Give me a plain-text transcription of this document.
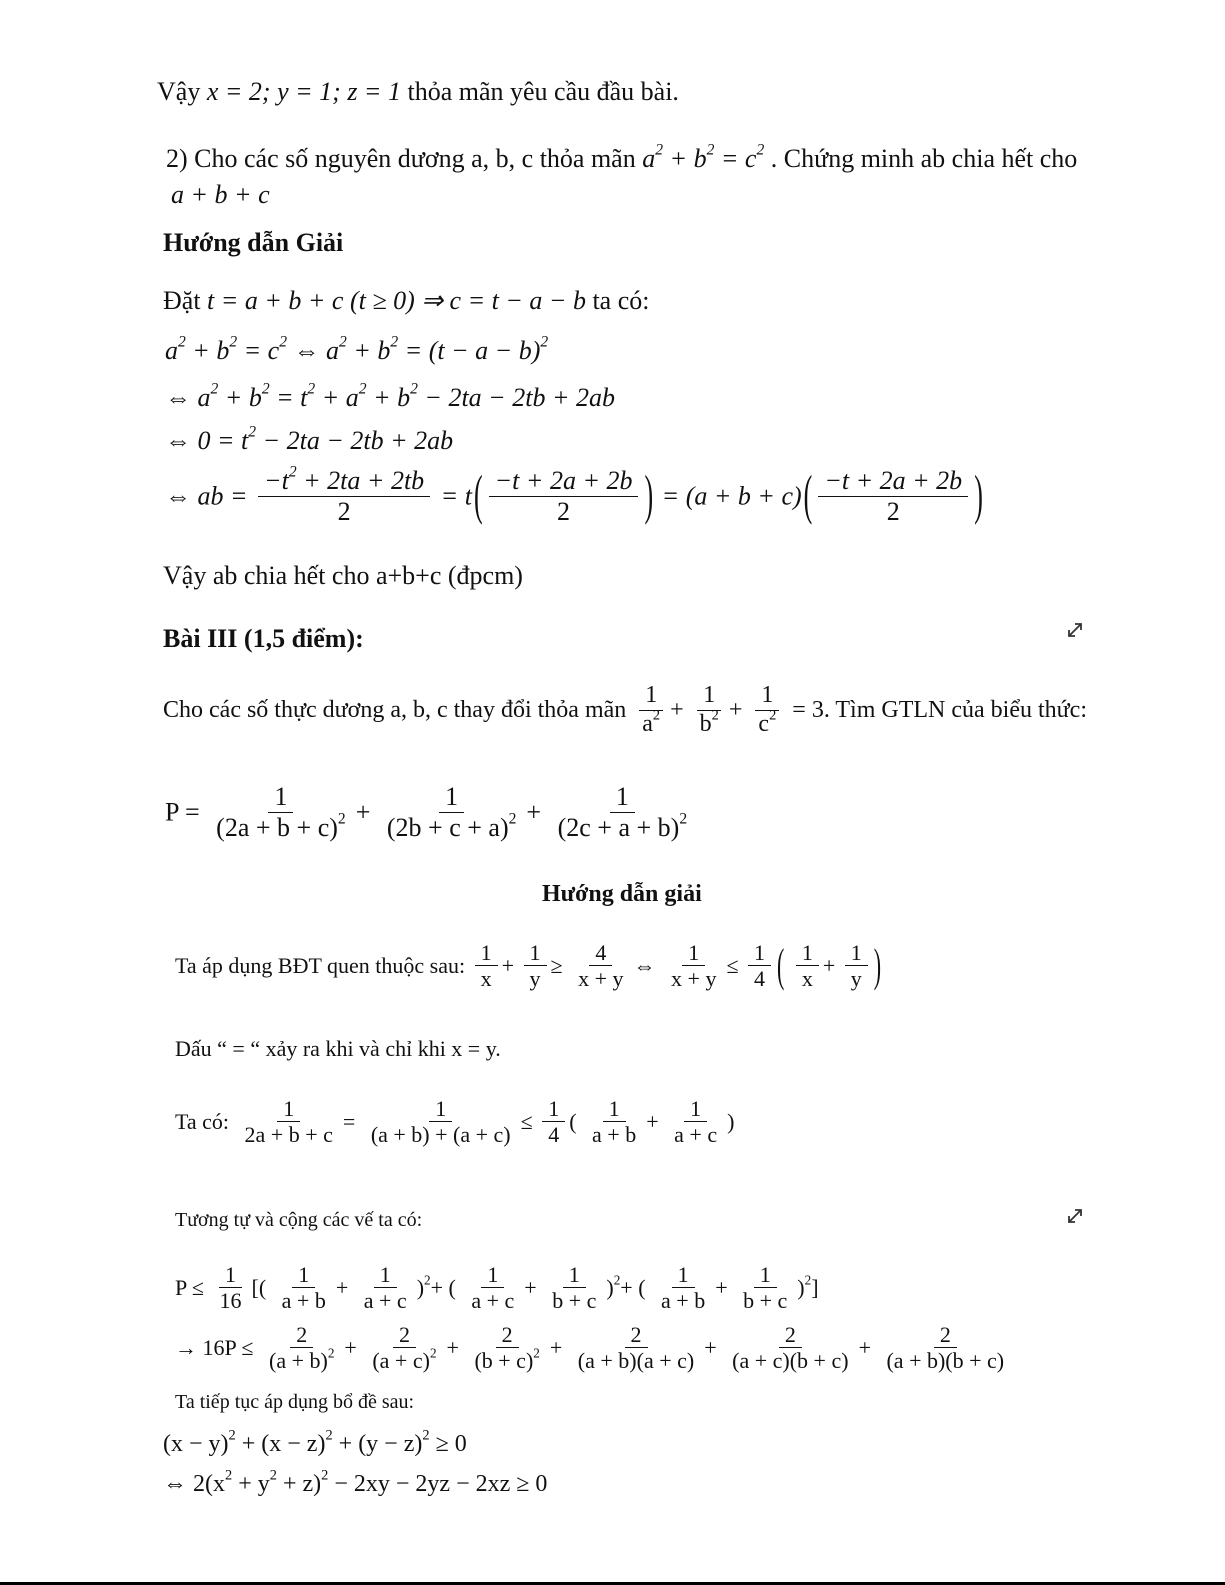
Vậy x = 2; y = 1; z = 1 thỏa mãn yêu cầu đầu bài.
2) Cho các số nguyên dương a, b, c thỏa mãn $a^2 + b^2 = c^2$ . Chứng minh ab chia hết cho
a + b + c
Hướng dẫn Giải
Đặt t = a + b + c (t ≥ 0) ⇒ c = t − a − b ta có:
$a^2 + b^2 = c^2$ ⇔ $a^2 + b^2 = (t - a - b)^2$
⇔ $a^2 + b^2 = t^2 + a^2 + b^2 - 2ta - 2tb + 2ab$
⇔ $0 = t^2 - 2ta - 2tb + 2ab$
⇔ ab = $\frac{-t^2 + 2ta + 2tb}{2} = t( \frac{-t + 2a + 2b}{2}$ ) = $(a + b + c)( \frac{-t + 2a + 2b}{2}$ )
Vậy ab chia hết cho a+b+c (đpcm)
Bài III (1,5 điểm):
Cho các số thực dương a, b, c thay đổi thỏa mãn $\frac{1}{a^2} + \frac{1}{b^2} + \frac{1}{c^2} = 3$. Tìm GTLN của biểu thức:
$P = \frac{1}{(2a + b + c)^2} + \frac{1}{(2b + c + a)^2} + \frac{1}{(2c + a + b)^2}$
Hướng dẫn giải
Ta áp dụng BĐT quen thuộc sau: $\frac{1}{x} + \frac{1}{y} \ge \frac{4}{x + y}$ ⇔ $\frac{1}{x + y} \le \frac{1}{4}$ ( $\frac{1}{x} + \frac{1}{y}$ )
Dấu “ = “ xảy ra khi và chỉ khi x = y.
Ta có: $\frac{1}{2a + b + c} = \frac{1}{(a + b) + (a + c)} \le \frac{1}{4}$ ( $\frac{1}{a + b} + \frac{1}{a + c}$ )
Tương tự và cộng các vế ta có:
$P \le \frac{1}{16}$ [( $\frac{1}{a + b} + \frac{1}{a + c} )^2+$ ( $\frac{1}{a + c} + \frac{1}{b + c} )^2+$ ( $\frac{1}{a + b} + \frac{1}{b + c} )^2$]
→ $16P \le \frac{2}{(a + b)^2} + \frac{2}{(a + c)^2} + \frac{2}{(b + c)^2} + \frac{2}{(a + b)(a + c)} + \frac{2}{(a + c)(b + c)} + \frac{2}{(a + b)(b + c)}$
Ta tiếp tục áp dụng bổ đề sau:
$(x - y)^2 + (x - z)^2 + (y - z)^2 \ge 0$
⇔ $2(x^2 + y^2 + z)^2 - 2xy - 2yz - 2xz \ge 0$
